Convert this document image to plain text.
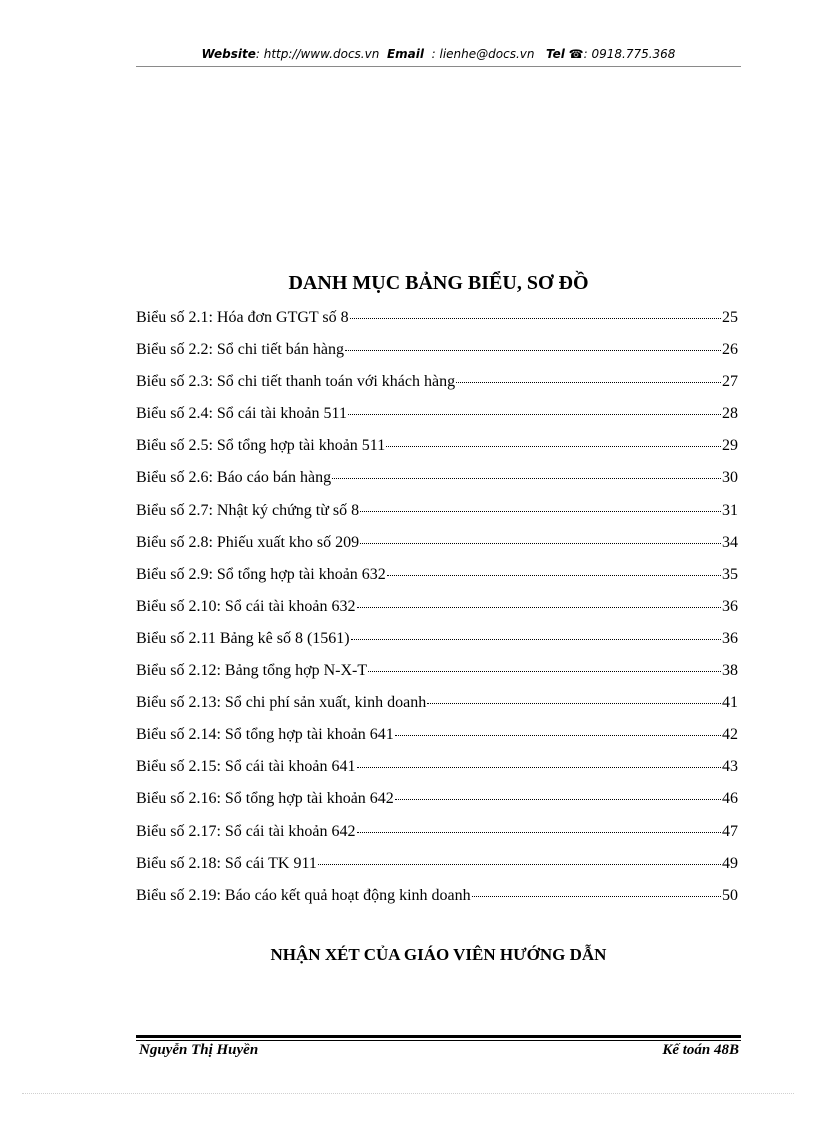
Website: http://www.docs.vn Email : lienhe@docs.vn Tel ☎: 0918.775.368
DANH MỤC BẢNG BIỂU, SƠ ĐỒ
Biểu số 2.1: Hóa đơn GTGT số 8	25
Biểu số 2.2: Sổ chi tiết bán hàng	26
Biểu số 2.3: Sổ chi tiết thanh toán với khách hàng	27
Biểu số 2.4: Sổ cái tài khoản 511	28
Biểu số 2.5: Sổ tổng hợp tài khoản 511	29
Biểu số 2.6: Báo cáo bán hàng	30
Biểu số 2.7: Nhật ký chứng từ số 8	31
Biểu số 2.8: Phiếu xuất kho số 209	34
Biểu số 2.9: Sổ tổng hợp tài khoản 632	35
Biểu số 2.10: Sổ cái tài khoản 632	36
Biểu số 2.11 Bảng kê số 8 (1561)	36
Biểu số 2.12: Bảng tổng hợp N-X-T	38
Biểu số 2.13: Sổ chi phí sản xuất, kinh doanh	41
Biểu số 2.14: Sổ tổng hợp tài khoản 641	42
Biểu số 2.15: Sổ cái tài khoản 641	43
Biểu số 2.16: Sổ tổng hợp tài khoản 642	46
Biểu số 2.17: Sổ cái tài khoản 642	47
Biểu số 2.18: Sổ cái TK 911	49
Biểu số 2.19: Báo cáo kết quả hoạt động kinh doanh	50
NHẬN XÉT CỦA GIÁO VIÊN HƯỚNG DẪN
Nguyễn Thị Huyền	Kế toán 48B
